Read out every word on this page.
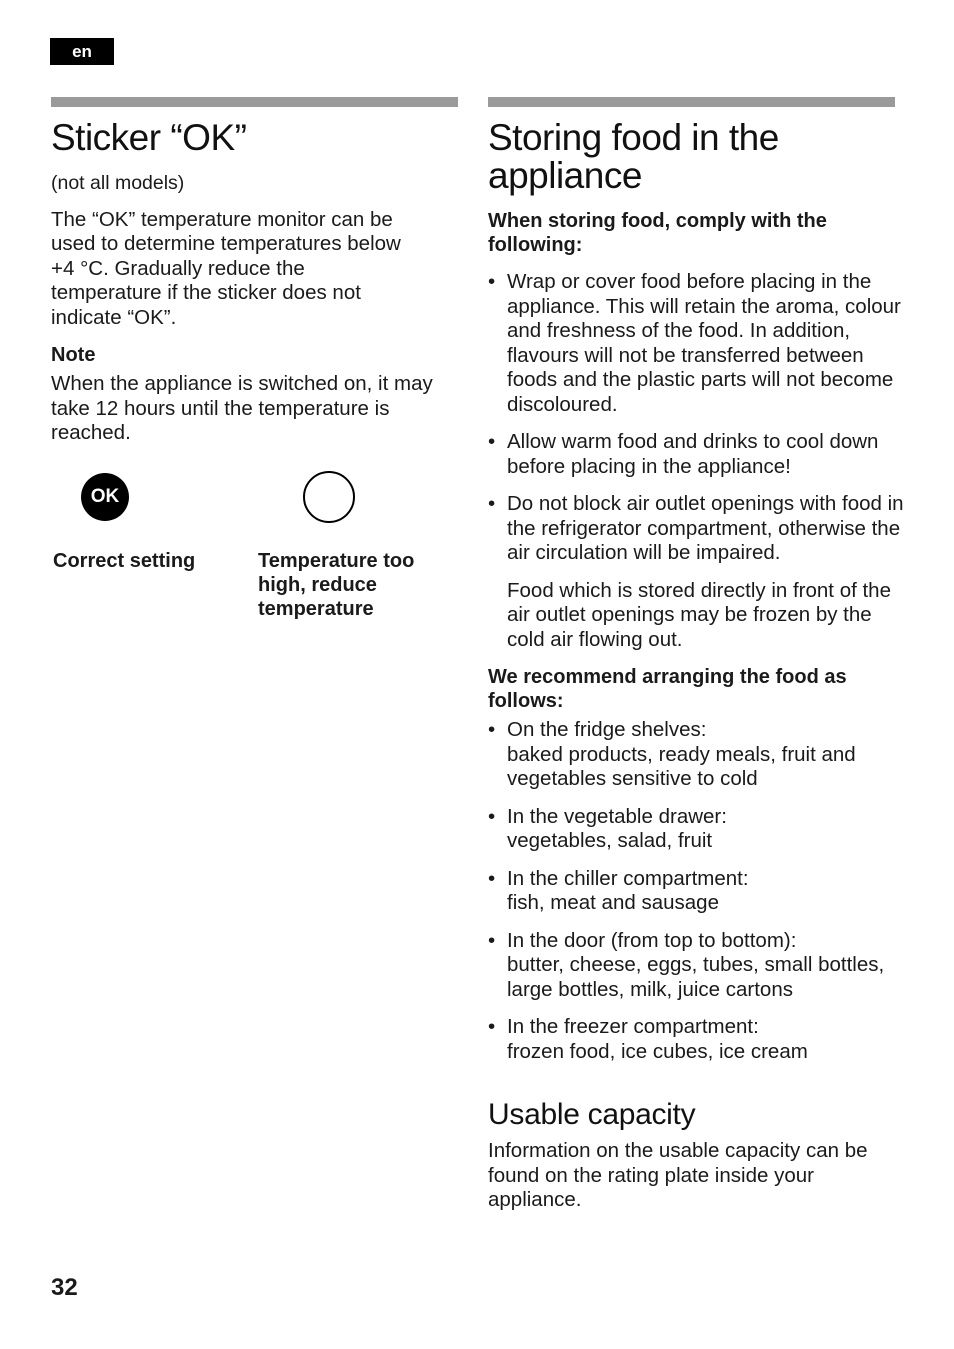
en
Sticker “OK”

(not all models)

The “OK” temperature monitor can be used to determine temperatures below +4 °C. Gradually reduce the temperature if the sticker does not indicate “OK”.

Note

When the appliance is switched on, it may take 12 hours until the temperature is reached.

OK

Correct setting	Temperature too high, reduce temperature

Storing food in the appliance

When storing food, comply with the following:

• Wrap or cover food before placing in the appliance. This will retain the aroma, colour and freshness of the food. In addition, flavours will not be transferred between foods and the plastic parts will not become discoloured.
• Allow warm food and drinks to cool down before placing in the appliance!
• Do not block air outlet openings with food in the refrigerator compartment, otherwise the air circulation will be impaired.

Food which is stored directly in front of the air outlet openings may be frozen by the cold air flowing out.

We recommend arranging the food as follows:

• On the fridge shelves:
baked products, ready meals, fruit and vegetables sensitive to cold
• In the vegetable drawer:
vegetables, salad, fruit
• In the chiller compartment:
fish, meat and sausage
• In the door (from top to bottom):
butter, cheese, eggs, tubes, small bottles, large bottles, milk, juice cartons
• In the freezer compartment:
frozen food, ice cubes, ice cream
Usable capacity

Information on the usable capacity can be found on the rating plate inside your appliance.

32
